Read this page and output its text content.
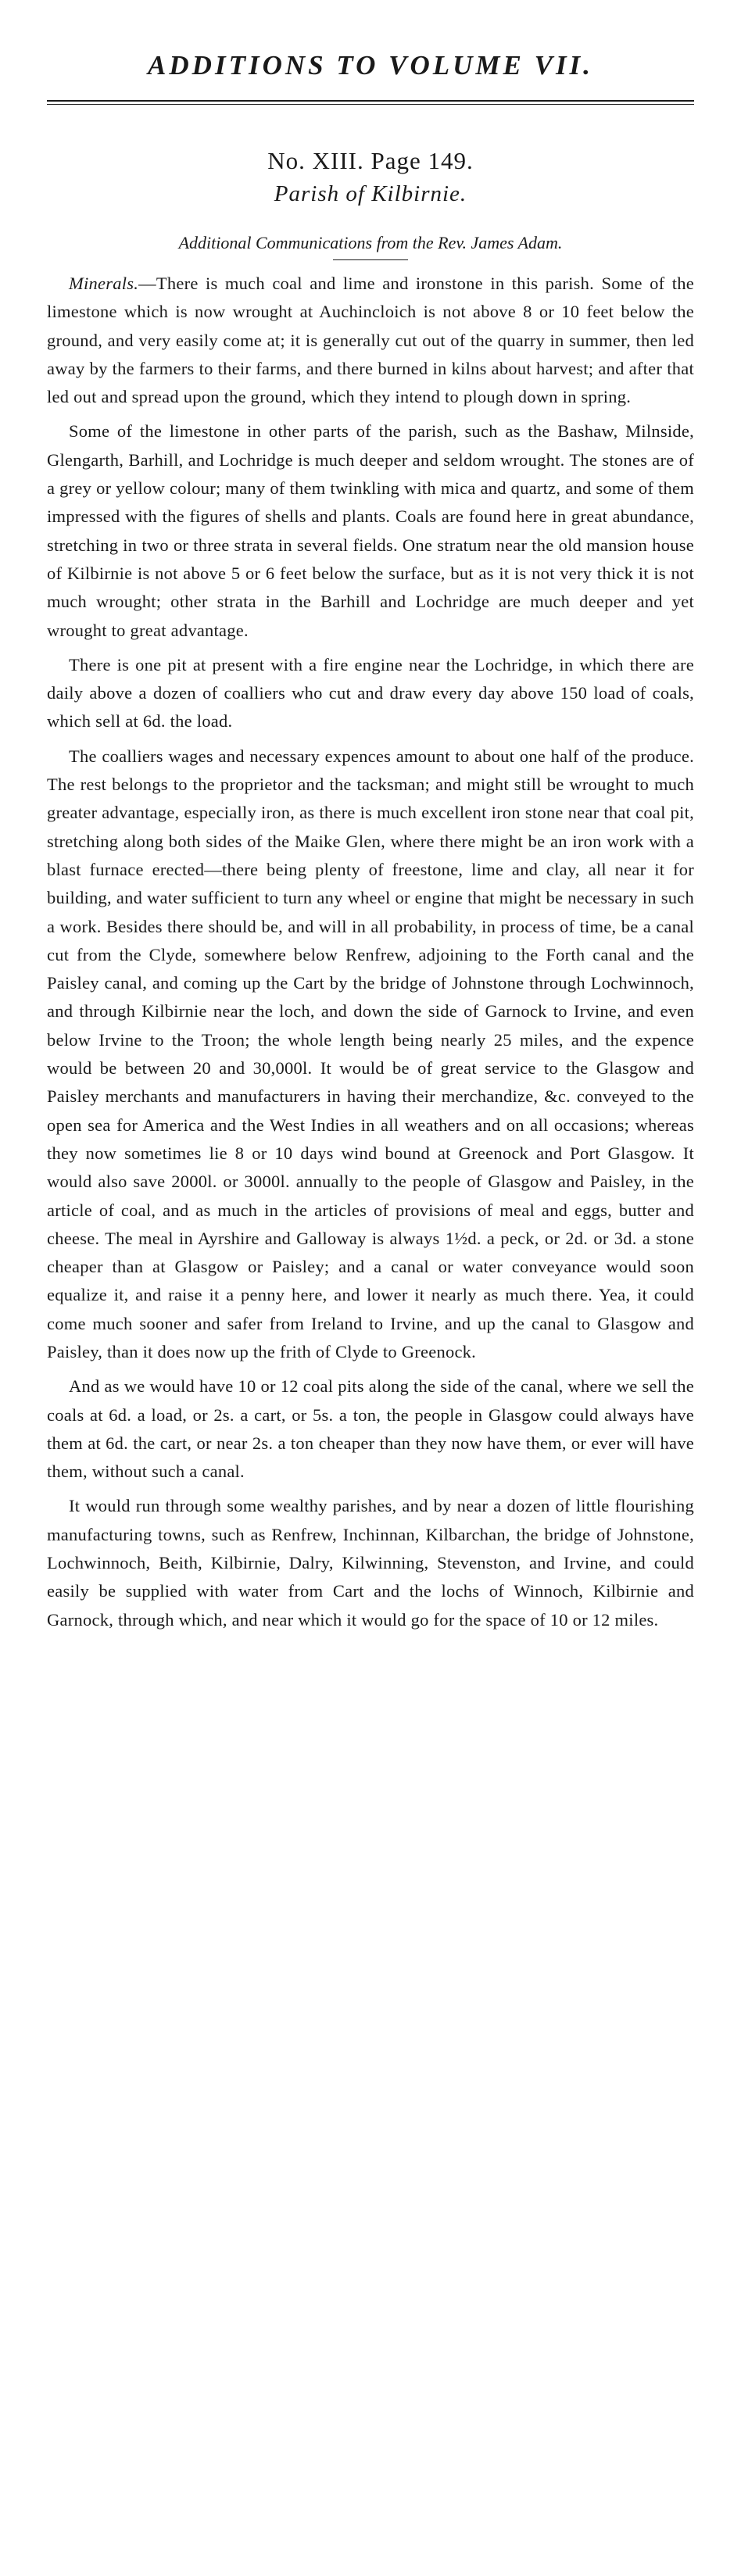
ADDITIONS TO VOLUME VII.

No. XIII. Page 149.

Parish of Kilbirnie.

Additional Communications from the Rev. James Adam.

Minerals.—There is much coal and lime and ironstone in this parish. Some of the limestone which is now wrought at Auchincloich is not above 8 or 10 feet below the ground, and very easily come at; it is generally cut out of the quarry in summer, then led away by the farmers to their farms, and there burned in kilns about harvest; and after that led out and spread upon the ground, which they intend to plough down in spring.

Some of the limestone in other parts of the parish, such as the Bashaw, Milnside, Glengarth, Barhill, and Lochridge is much deeper and seldom wrought. The stones are of a grey or yellow colour; many of them twinkling with mica and quartz, and some of them impressed with the figures of shells and plants. Coals are found here in great abundance, stretching in two or three strata in several fields. One stratum near the old mansion house of Kilbirnie is not above 5 or 6 feet below the surface, but as it is not very thick it is not much wrought; other strata in the Barhill and Lochridge are much deeper and yet wrought to great advantage.

There is one pit at present with a fire engine near the Lochridge, in which there are daily above a dozen of coalliers who cut and draw every day above 150 load of coals, which sell at 6d. the load.

The coalliers wages and necessary expences amount to about one half of the produce. The rest belongs to the proprietor and the tacksman; and might still be wrought to much greater advantage, especially iron, as there is much excellent iron stone near that coal pit, stretching along both sides of the Maike Glen, where there might be an iron work with a blast furnace erected—there being plenty of freestone, lime and clay, all near it for building, and water sufficient to turn any wheel or engine that might be necessary in such a work. Besides there should be, and will in all probability, in process of time, be a canal cut from the Clyde, somewhere below Renfrew, adjoining to the Forth canal and the Paisley canal, and coming up the Cart by the bridge of Johnstone through Lochwinnoch, and through Kilbirnie near the loch, and down the side of Garnock to Irvine, and even below Irvine to the Troon; the whole length being nearly 25 miles, and the expence would be between 20 and 30,000l. It would be of great service to the Glasgow and Paisley merchants and manufacturers in having their merchandize, &c. conveyed to the open sea for America and the West Indies in all weathers and on all occasions; whereas they now sometimes lie 8 or 10 days wind bound at Greenock and Port Glasgow. It would also save 2000l. or 3000l. annually to the people of Glasgow and Paisley, in the article of coal, and as much in the articles of provisions of meal and eggs, butter and cheese. The meal in Ayrshire and Galloway is always 1½d. a peck, or 2d. or 3d. a stone cheaper than at Glasgow or Paisley; and a canal or water conveyance would soon equalize it, and raise it a penny here, and lower it nearly as much there. Yea, it could come much sooner and safer from Ireland to Irvine, and up the canal to Glasgow and Paisley, than it does now up the frith of Clyde to Greenock.

And as we would have 10 or 12 coal pits along the side of the canal, where we sell the coals at 6d. a load, or 2s. a cart, or 5s. a ton, the people in Glasgow could always have them at 6d. the cart, or near 2s. a ton cheaper than they now have them, or ever will have them, without such a canal.

It would run through some wealthy parishes, and by near a dozen of little flourishing manufacturing towns, such as Renfrew, Inchinnan, Kilbarchan, the bridge of Johnstone, Lochwinnoch, Beith, Kilbirnie, Dalry, Kilwinning, Stevenston, and Irvine, and could easily be supplied with water from Cart and the lochs of Winnoch, Kilbirnie and Garnock, through which, and near which it would go for the space of 10 or 12 miles.
